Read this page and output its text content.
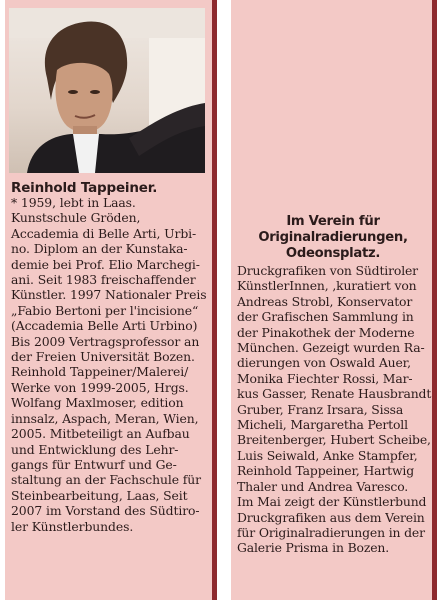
Reinhold Tappeiner.
* 1959, lebt in Laas.
Kunstschule Gröden,
Accademia di Belle Arti, Urbi-
no. Diplom an der Kunstaka-
demie bei Prof. Elio Marchegi-
ani. Seit 1983 freischaffender
Künstler. 1997 Nationaler Preis
„Fabio Bertoni per l'incisione“
(Accademia Belle Arti Urbino)
Bis 2009 Vertragsprofessor an
der Freien Universität Bozen.
Reinhold Tappeiner/Malerei/
Werke von 1999-2005, Hrgs.
Wolfang Maxlmoser, edition
innsalz, Aspach, Meran, Wien,
2005. Mitbeteiligt an Aufbau
und Entwicklung des Lehr-
gangs für Entwurf und Ge-
staltung an der Fachschule für
Steinbearbeitung, Laas, Seit
2007 im Vorstand des Südtiro-
ler Künstlerbundes.
Im Verein für
Originalradierungen,
Odeonsplatz.
Druckgrafiken von Südtiroler
KünstlerInnen, ‚kuratiert von
Andreas Strobl, Konservator
der Grafischen Sammlung in
der Pinakothek der Moderne
München. Gezeigt wurden Ra-
dierungen von Oswald Auer,
Monika Fiechter Rossi, Mar-
kus Gasser, Renate Hausbrandt
Gruber, Franz Irsara, Sissa
Micheli, Margaretha Pertoll
Breitenberger, Hubert Scheibe,
Luis Seiwald, Anke Stampfer,
Reinhold Tappeiner, Hartwig
Thaler und Andrea Varesco.
Im Mai zeigt der Künstlerbund
Druckgrafiken aus dem Verein
für Originalradierungen in der
Galerie Prisma in Bozen.
